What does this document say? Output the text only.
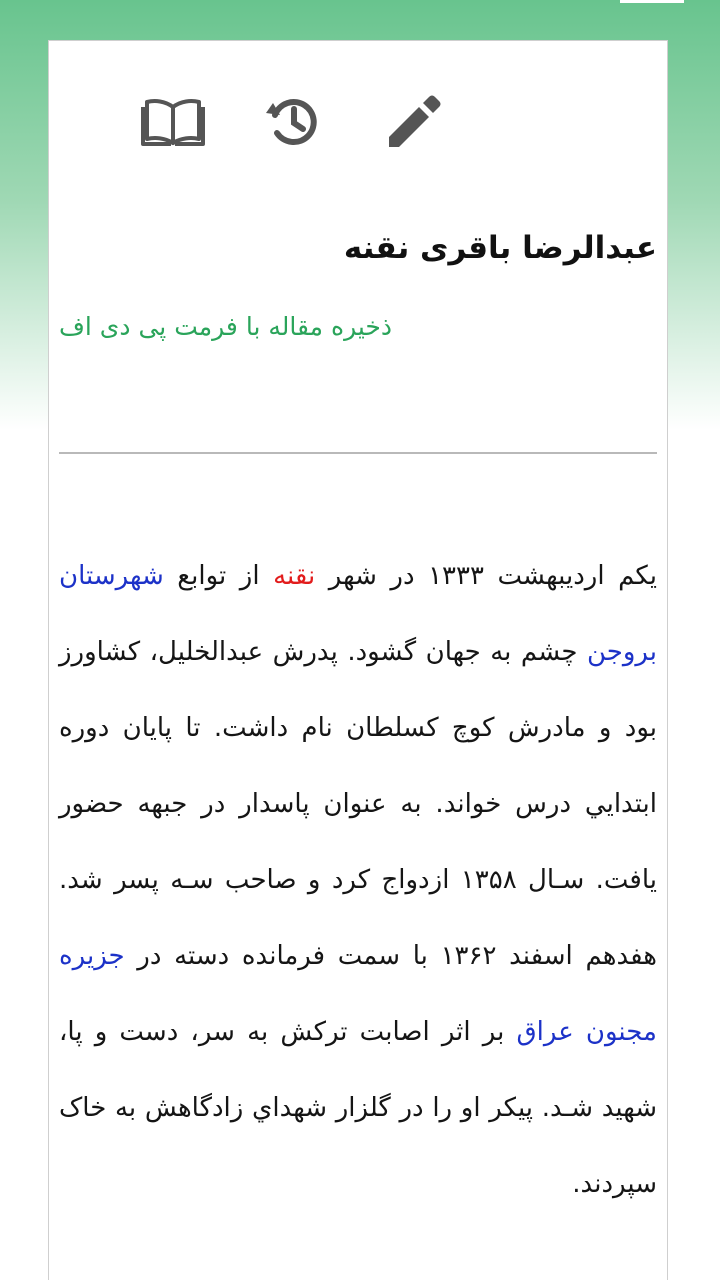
عبدالرضا باقری نقنه
ذخیره مقاله با فرمت پی دی اف

یکم اردیبهشت ۱۳۳۳ در شهر نقنه از توابع شهرستان بروجن چشم به جهان گشود. پدرش عبدالخلیل، کشاورز بود و مادرش کوچ کسلطان نام داشت. تا پایان دوره ابتدايي درس خواند. به عنوان پاسدار در جبهه حضور یافت. سـال ۱۳۵۸ ازدواج کرد و صاحب سـه پسر شد. هفدهم اسفند ۱۳۶۲ با سمت فرمانده دسته در جزيره مجنون عراق بر اثر اصابت ترکش به سر، دست و پا، شهید شـد. پیکر او را در گلزار شهداي زادگاهش به خاک سپردند.
